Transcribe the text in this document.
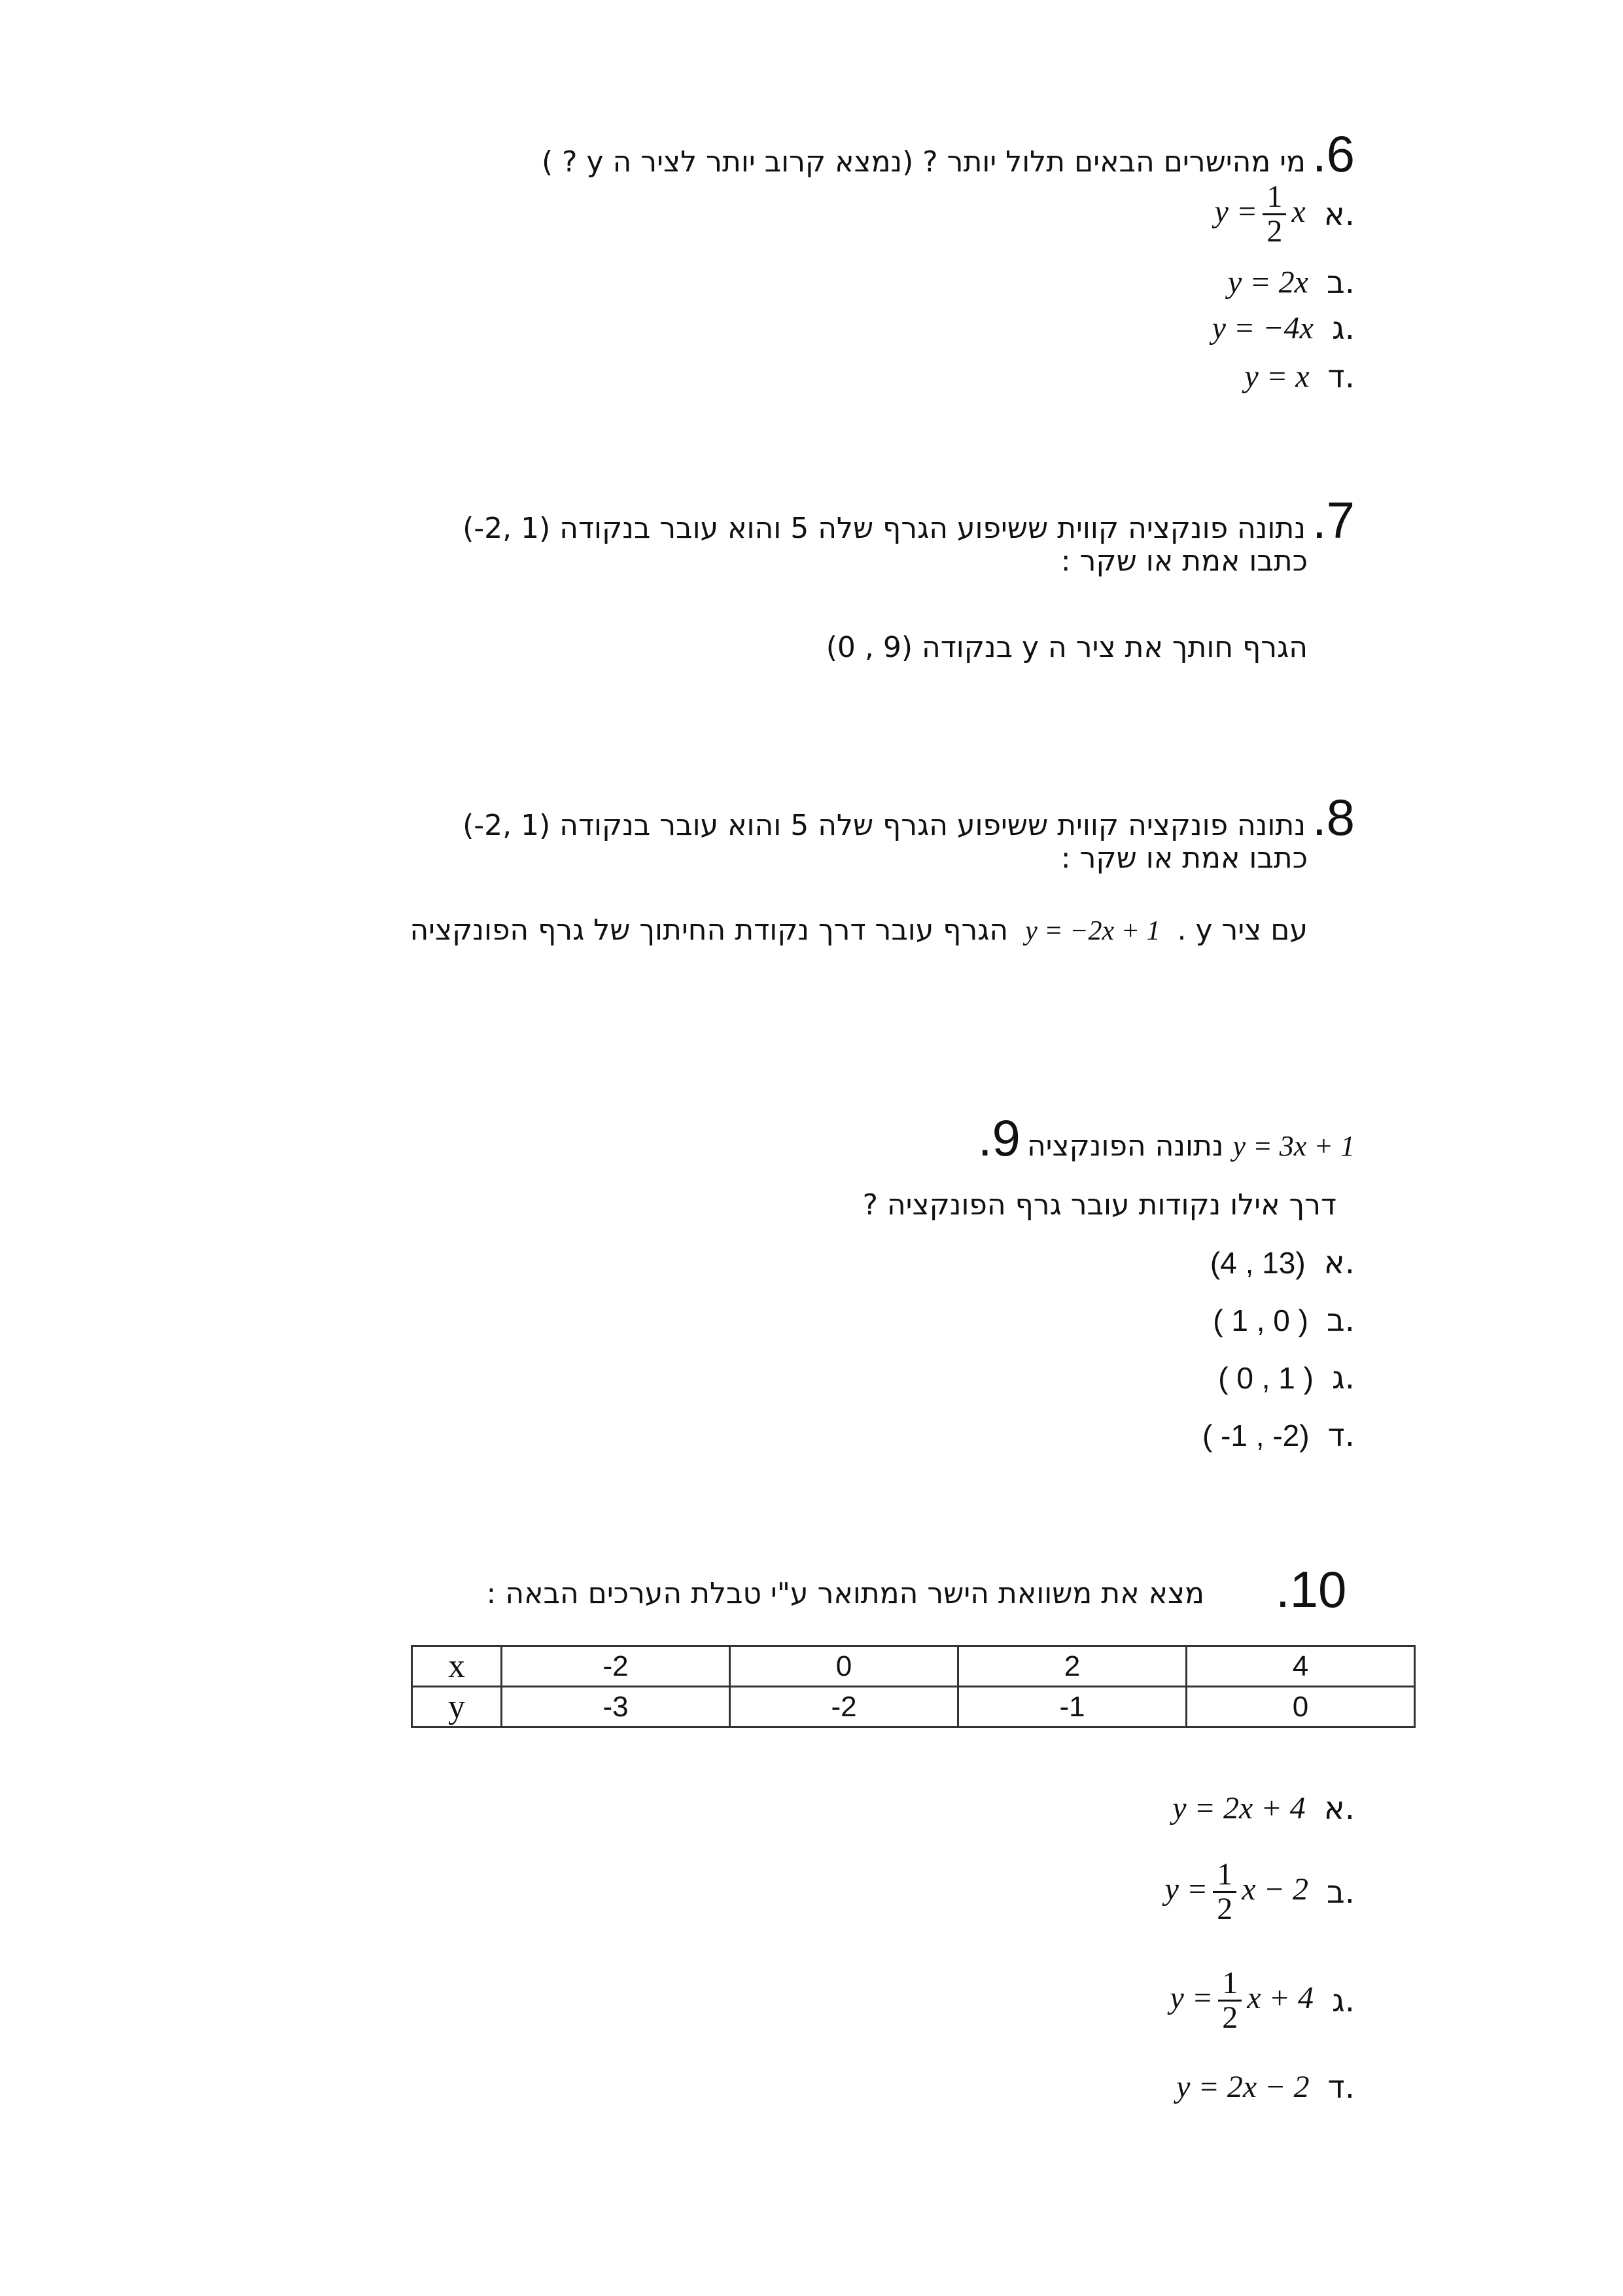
6.
מי מהישרים הבאים תלול יותר ? (נמצא קרוב יותר לציר ה y ? )
א.
$y = \frac{1}{2}$ x
ב.
y = 2x
ג.
y = −4x
ד.
y = x
7.
נתונה פונקציה קווית ששיפוע הגרף שלה 5 והוא עובר בנקודה (1 ,2-)
כתבו אמת או שקר :
הגרף חותך את ציר ה y בנקודה (9 , 0)
8.
נתונה פונקציה קווית ששיפוע הגרף שלה 5 והוא עובר בנקודה (1 ,2-)
כתבו אמת או שקר :
הגרף עובר דרך נקודת החיתוך של גרף הפונקציה y = −2x + 1 עם ציר y .
נתונה הפונקציה
9.	y = 3x + 1
דרך אילו נקודות עובר גרף הפונקציה ?
א.
(4 , 13)
ב.
( 1 , 0 )
ג.
( 0 , 1 )
ד.
( -1 , -2)
.10
מצא את משוואת הישר המתואר ע"י טבלת הערכים הבאה :
x	-2	0	2	4
y	-3	-2	-1	0
א.
y = 2x + 4
ב.
$y = \frac{1}{2}$ x − 2
ג.
$y = \frac{1}{2}$ x + 4
ד.
y = 2x − 2
